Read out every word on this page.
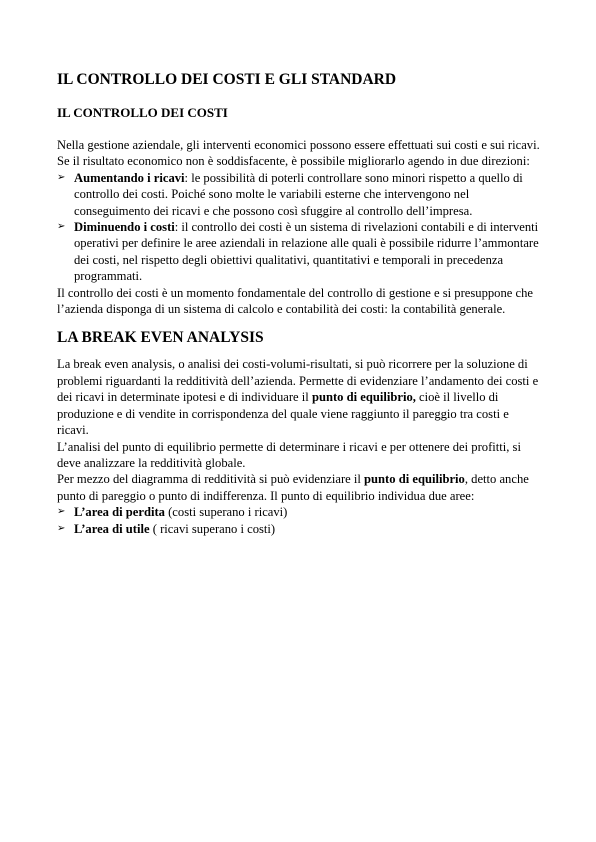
IL CONTROLLO DEI COSTI E GLI STANDARD
IL CONTROLLO DEI COSTI

Nella gestione aziendale, gli interventi economici possono essere effettuati sui costi e sui ricavi.

Se il risultato economico non è soddisfacente, è possibile migliorarlo agendo in due direzioni:

➢ Aumentando i ricavi: le possibilità di poterli controllare sono minori rispetto a quello di controllo dei costi. Poiché sono molte le variabili esterne che intervengono nel conseguimento dei ricavi e che possono così sfuggire al controllo dell’impresa.
➢ Diminuendo i costi: il controllo dei costi è un sistema di rivelazioni contabili e di interventi operativi per definire le aree aziendali in relazione alle quali è possibile ridurre l’ammontare dei costi, nel rispetto degli obiettivi qualitativi, quantitativi e temporali in precedenza programmati.

Il controllo dei costi è un momento fondamentale del controllo di gestione e si presuppone che l’azienda disponga di un sistema di calcolo e contabilità dei costi: la contabilità generale.

LA BREAK EVEN ANALYSIS

La break even analysis, o analisi dei costi-volumi-risultati, si può ricorrere per la soluzione di problemi riguardanti la redditività dell’azienda. Permette di evidenziare l’andamento dei costi e dei ricavi in determinate ipotesi e di individuare il punto di equilibrio, cioè il livello di produzione e di vendite in corrispondenza del quale viene raggiunto il pareggio tra costi e ricavi.

L’analisi del punto di equilibrio permette di determinare i ricavi e per ottenere dei profitti, si deve analizzare la redditività globale.

Per mezzo del diagramma di redditività si può evidenziare il punto di equilibrio, detto anche punto di pareggio o punto di indifferenza. Il punto di equilibrio individua due aree:

➢ L’area di perdita (costi superano i ricavi)
➢ L’area di utile ( ricavi superano i costi)
